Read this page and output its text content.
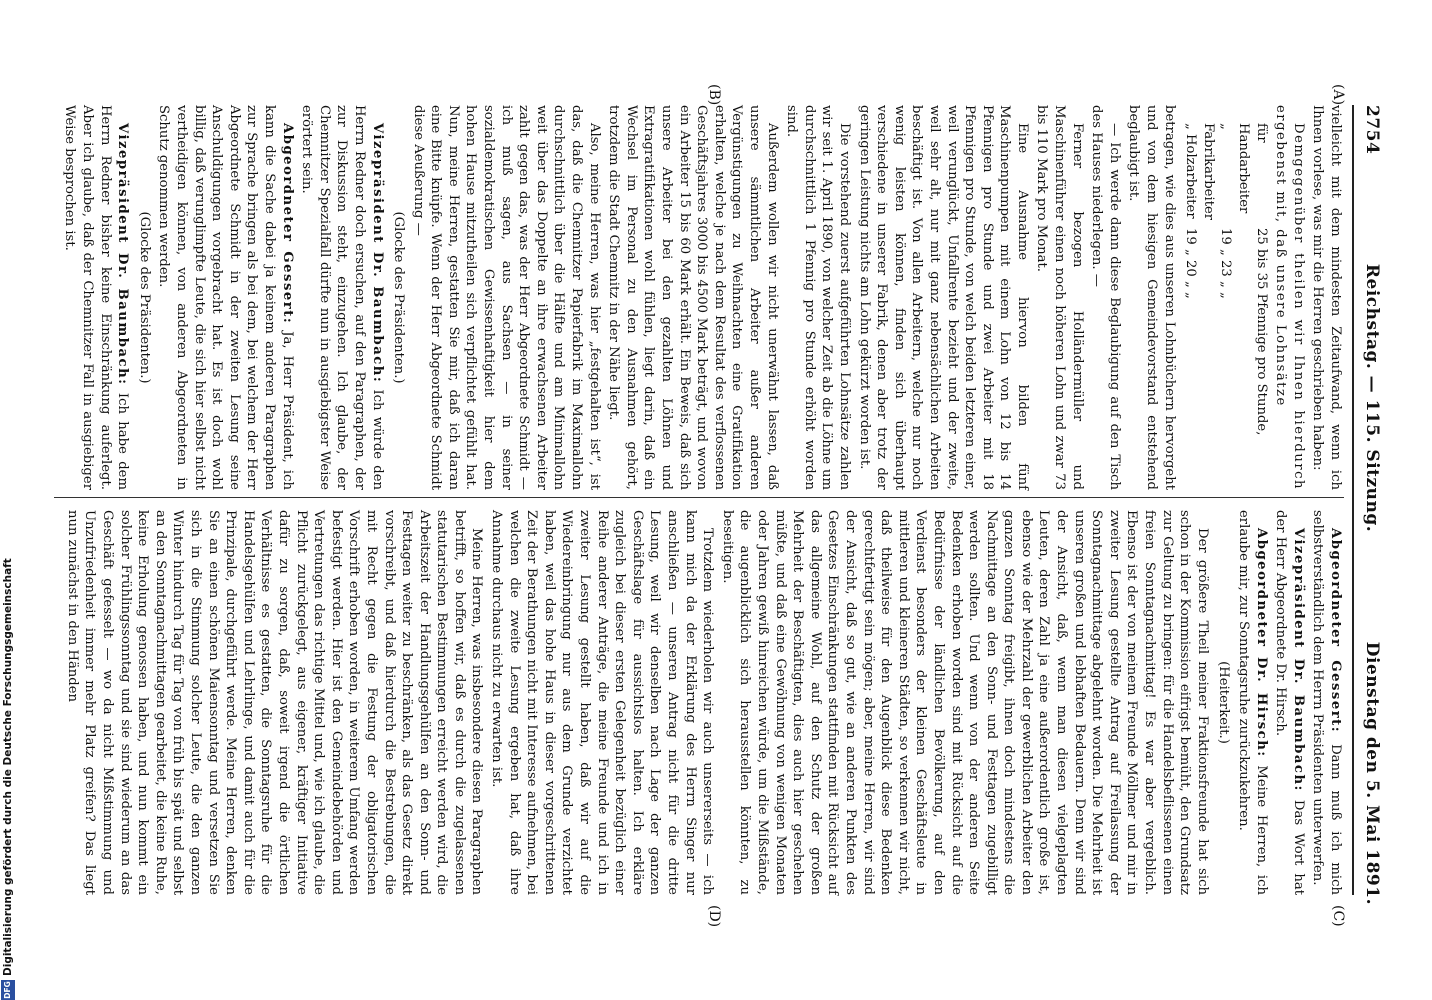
2754
Reichstag. — 115. Sitzung.
Dienstag den 5. Mai 1891.
(A)
(B)
(C)
(D)

vielleicht mit dem mindesten Zeitaufwand, wenn ich Ihnen vorlese, was mir die Herren geschrieben haben:

Demgegenüber theilen wir Ihnen hierdurch ergebenst mit, daß unsere Lohnsätze

für Handarbeiter
25 bis 35 Pfennige pro Stunde,
„ Fabrikarbeiter
19 „ 23 „ „
„ Holzarbeiter
19 „ 20 „ „

betragen, wie dies aus unseren Lohnbüchern hervorgeht und von dem hiesigen Gemeindevorstand entstehend beglaubigt ist.

— Ich werde dann diese Beglaubigung auf den Tisch des Hauses niederlegen. —

Ferner bezogen Holländermüller und Maschinenführer einen noch höheren Lohn und zwar 73 bis 110 Mark pro Monat.

Eine Ausnahme hiervon bilden fünf Maschinenpumpen mit einem Lohn von 12 bis 14 Pfennigen pro Stunde und zwei Arbeiter mit 18 Pfennigen pro Stunde, von welch beiden letzteren einer, weil verunglückt, Unfallrente bezieht und der zweite, weil sehr alt, nur mit ganz nebensächlichen Arbeiten beschäftigt ist. Von allen Arbeitern, welche nur noch wenig leisten können, finden sich überhaupt verschiedene in unserer Fabrik, denen aber trotz der geringen Leistung nichts am Lohn gekürzt worden ist.

Die vorstehend zuerst aufgeführten Lohnsätze zahlen wir seit 1. April 1890, von welcher Zeit ab die Löhne um durchschnittlich 1 Pfennig pro Stunde erhöht worden sind.

Außerdem wollen wir nicht unerwähnt lassen, daß unsere sämmtlichen Arbeiter außer anderen Vergünstigungen zu Weihnachten eine Gratifikation erhalten, welche je nach dem Resultat des verflossenen Geschäftsjahres 3000 bis 4500 Mark beträgt, und wovon ein Arbeiter 15 bis 60 Mark erhält. Ein Beweis, daß sich unsere Arbeiter bei den gezahlten Löhnen und Extragratifikationen wohl fühlen, liegt darin, daß ein Wechsel im Personal zu den Ausnahmen gehört, trotzdem die Stadt Chemnitz in der Nähe liegt.

Also, meine Herren, was hier „festgehalten ist“, ist das, daß die Chemnitzer Papierfabrik im Maximallohn durchschnittlich über die Hälfte und am Minimallohn weit über das Doppelte an ihre erwachsenen Arbeiter zahlt gegen das, was der Herr Abgeordnete Schmidt — ich muß sagen, aus Sachsen — in seiner sozialdemokratischen Gewissenhaftigkeit hier dem hohen Hause mitzutheilen sich verpflichtet gefühlt hat. Nun, meine Herren, gestatten Sie mir, daß ich daran eine Bitte knüpfe. Wenn der Herr Abgeordnete Schmidt diese Aeußerung —

(Glocke des Präsidenten.)

Vizepräsident Dr. Baumbach: Ich würde den Herrn Redner doch ersuchen, auf den Paragraphen, der zur Diskussion steht, einzugehen. Ich glaube, der Chemnitzer Spezialfall dürfte nun in ausgiebigster Weise erörtert sein.

Abgeordneter Gessert: Ja, Herr Präsident, ich kann die Sache dabei ja keinem anderen Paragraphen zur Sprache bringen als bei dem, bei welchem der Herr Abgeordnete Schmidt in der zweiten Lesung seine Anschuldigungen vorgebracht hat. Es ist doch wohl billig, daß verunglimpfte Leute, die sich hier selbst nicht vertheidigen können, von anderen Abgeordneten in Schutz genommen werden.

(Glocke des Präsidenten.)

Vizepräsident Dr. Baumbach: Ich habe dem Herrn Redner bisher keine Einschränkung auferlegt. Aber ich glaube, daß der Chemnitzer Fall in ausgiebiger Weise besprochen ist.

Abgeordneter Gessert: Dann muß ich mich selbstverständlich dem Herrn Präsidenten unterwerfen.

Vizepräsident Dr. Baumbach: Das Wort hat der Herr Abgeordnete Dr. Hirsch.

Abgeordneter Dr. Hirsch: Meine Herren, ich erlaube mir, zur Sonntagsruhe zurückzukehren.

(Heiterkeit.)

Der größere Theil meiner Fraktionsfreunde hat sich schon in der Kommission eifrigst bemüht, den Grundsatz zur Geltung zu bringen: für die Handelsbeflissenen einen freien Sonntagnachmittag! Es war aber vergeblich. Ebenso ist der von meinem Freunde Möllmer und mir in zweiter Lesung gestellte Antrag auf Freilassung der Sonntagnachmittage abgelehnt worden. Die Mehrheit ist unseren großen und lebhaften Bedauern. Denn wir sind der Ansicht, daß, wenn man diesen vielgeplagten Leuten, deren Zahl ja eine außerordentlich große ist, ebenso wie der Mehrzahl der gewerblichen Arbeiter den ganzen Sonntag freigibt, ihnen doch mindestens die Nachmittage an den Sonn- und Festtagen zugebilligt werden sollten. Und wenn von der anderen Seite Bedenken erhoben worden sind mit Rücksicht auf die Bedürfnisse der ländlichen Bevölkerung, auf den Verdienst besonders der kleinen Geschäftsleute in mittleren und kleineren Städten, so verkennen wir nicht, daß theilweise für den Augenblick diese Bedenken gerechtfertigt sein mögen; aber, meine Herren, wir sind der Ansicht, daß so gut, wie an anderen Punkten des Gesetzes Einschränkungen stattfinden mit Rücksicht auf das allgemeine Wohl, auf den Schutz der großen Mehrheit der Beschäftigten, dies auch hier geschehen müßte, und daß eine Gewöhnung von wenigen Monaten oder Jahren gewiß hinreichen würde, um die Mißstände, die augenblicklich sich herausstellen könnten, zu beseitigen.

Trotzdem wiederholen wir auch unsererseits — ich kann mich da der Erklärung des Herrn Singer nur anschließen — unseren Antrag nicht für die dritte Lesung, weil wir denselben nach Lage der ganzen Geschäftslage für aussichtslos halten. Ich erkläre zugleich bei dieser ersten Gelegenheit bezüglich einer Reihe anderer Anträge, die meine Freunde und ich in zweiter Lesung gestellt haben, daß wir auf die Wiedereinbringung nur aus dem Grunde verzichtet haben, weil das hohe Haus in dieser vorgeschrittenen Zeit der Berathungen nicht mit Interesse aufnehmen, bei welchen die zweite Lesung ergeben hat, daß ihre Annahme durchaus nicht zu erwarten ist.

Meine Herren, was insbesondere diesen Paragraphen betrifft, so hoffen wir, daß es durch die zugelassenen statutarischen Bestimmungen erreicht werden wird, die Arbeitszeit der Handlungsgehülfen an den Sonn- und Festtagen weiter zu beschränken, als das Gesetz direkt vorschreibt, und daß hierdurch die Bestrebungen, die mit Recht gegen die Festung der obligatorischen Vorschrift erhoben worden, in weiterem Umfang werden befestigt werden. Hier ist den Gemeindebehörden und Vertretungen das richtige Mittel und, wie ich glaube, die Pflicht zurückgelegt, aus eigener, kräftiger Initiative dafür zu sorgen, daß, soweit irgend die örtlichen Verhältnisse es gestatten, die Sonntagsruhe für die Handelsgehülfen und Lehrlinge, und damit auch für die Prinzipale, durchgeführt werde. Meine Herren, denken Sie an einen schönen Maiensonntag und versetzen Sie sich in die Stimmung solcher Leute, die den ganzen Winter hindurch Tag für Tag von früh bis spät und selbst an den Sonntagnachmittagen gearbeitet, die keine Ruhe, keine Erholung genossen haben, und nun kommt ein solcher Frühlingssonntag und sie sind wiederum an das Geschäft gefesselt — wo da nicht Mißstimmung und Unzufriedenheit immer mehr Platz greifen? Das liegt nun zunächst in den Händen

Digitalisierung gefördert durch die Deutsche Forschungsgemeinschaft
DFG
